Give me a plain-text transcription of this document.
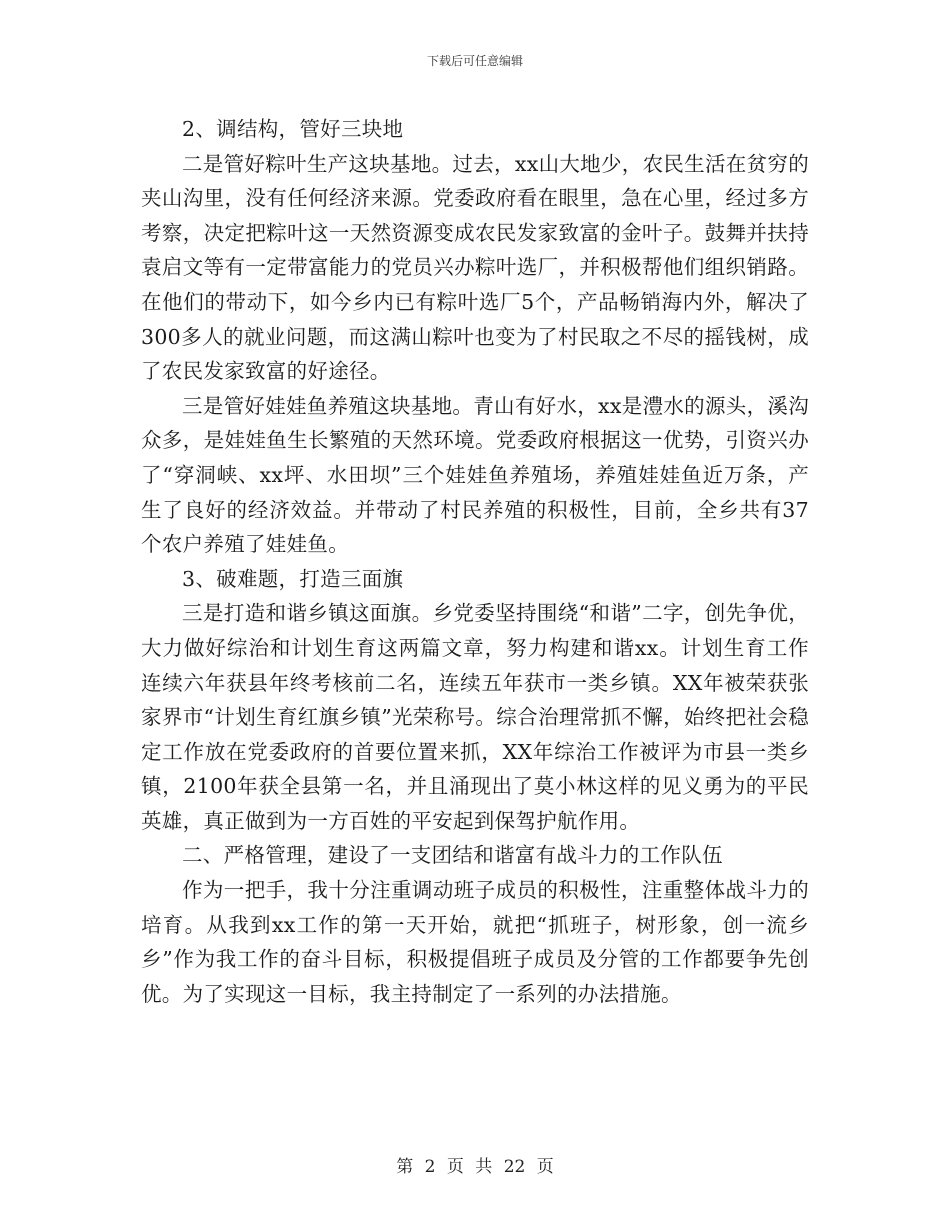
下载后可任意编辑

2、调结构，管好三块地

二是管好粽叶生产这块基地。过去，xx山大地少，农民生活在贫穷的夹山沟里，没有任何经济来源。党委政府看在眼里，急在心里，经过多方考察，决定把粽叶这一天然资源变成农民发家致富的金叶子。鼓舞并扶持袁启文等有一定带富能力的党员兴办粽叶选厂，并积极帮他们组织销路。在他们的带动下，如今乡内已有粽叶选厂5个，产品畅销海内外，解决了300多人的就业问题，而这满山粽叶也变为了村民取之不尽的摇钱树，成了农民发家致富的好途径。

三是管好娃娃鱼养殖这块基地。青山有好水，xx是澧水的源头，溪沟众多，是娃娃鱼生长繁殖的天然环境。党委政府根据这一优势，引资兴办了“穿洞峡、xx坪、水田坝”三个娃娃鱼养殖场，养殖娃娃鱼近万条，产生了良好的经济效益。并带动了村民养殖的积极性，目前，全乡共有37个农户养殖了娃娃鱼。

3、破难题，打造三面旗

三是打造和谐乡镇这面旗。乡党委坚持围绕“和谐”二字，创先争优，大力做好综治和计划生育这两篇文章，努力构建和谐xx。计划生育工作连续六年获县年终考核前二名，连续五年获市一类乡镇。XX年被荣获张家界市“计划生育红旗乡镇”光荣称号。综合治理常抓不懈，始终把社会稳定工作放在党委政府的首要位置来抓，XX年综治工作被评为市县一类乡镇，2100年获全县第一名，并且涌现出了莫小林这样的见义勇为的平民英雄，真正做到为一方百姓的平安起到保驾护航作用。

二、严格管理，建设了一支团结和谐富有战斗力的工作队伍

作为一把手，我十分注重调动班子成员的积极性，注重整体战斗力的培育。从我到xx工作的第一天开始，就把“抓班子，树形象，创一流乡乡”作为我工作的奋斗目标，积极提倡班子成员及分管的工作都要争先创优。为了实现这一目标，我主持制定了一系列的办法措施。

第 2 页 共 22 页
